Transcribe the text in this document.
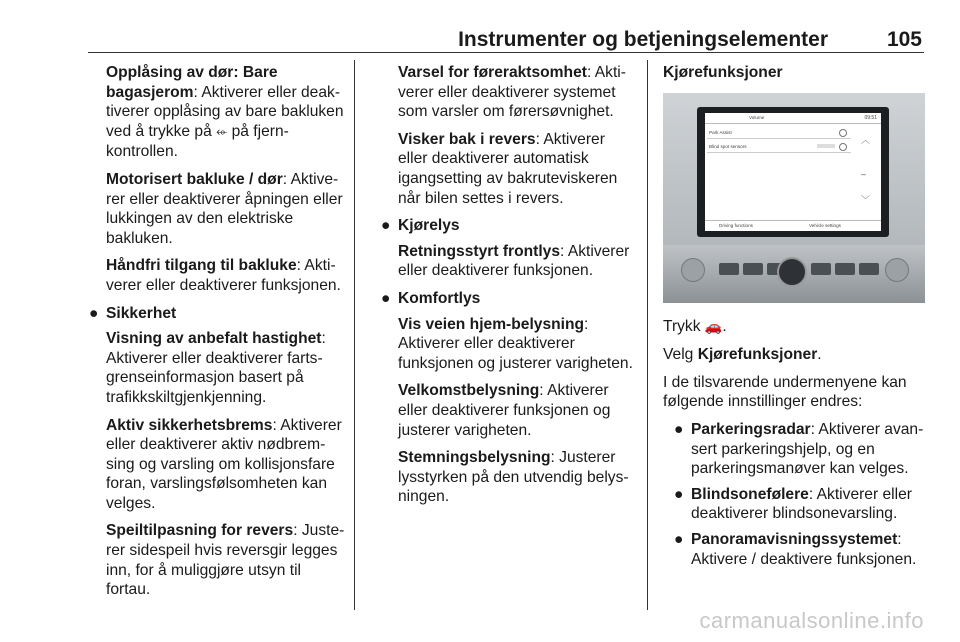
Instrumenter og betjeningselementer	105

Opplåsing av dør: Bare bagasjerom: Aktiverer eller deaktiverer opplåsing av bare bakluken ved å trykke på ⬰ på fjernkontrollen.

Motorisert bakluke / dør: Aktiverer eller deaktiverer åpningen eller lukkingen av den elektriske bakluken.

Håndfri tilgang til bakluke: Aktiverer eller deaktiverer funksjonen.

● Sikkerhet

Visning av anbefalt hastighet: Aktiverer eller deaktiverer fartsgrenseinformasjon basert på trafikkskiltgjenkjenning.

Aktiv sikkerhetsbrems: Aktiverer eller deaktiverer aktiv nødbremsing og varsling om kollisjonsfare foran, varslingsfølsomheten kan velges.

Speiltilpasning for revers: Justerer sidespeil hvis reversgir legges inn, for å muliggjøre utsyn til fortau.

Varsel for føreraktsomhet: Aktiverer eller deaktiverer systemet som varsler om førersøvnighet.

Visker bak i revers: Aktiverer eller deaktiverer automatisk igangsetting av bakruteviskeren når bilen settes i revers.

● Kjørelys

Retningsstyrt frontlys: Aktiverer eller deaktiverer funksjonen.

● Komfortlys

Vis veien hjem-belysning: Aktiverer eller deaktiverer funksjonen og justerer varigheten.

Velkomstbelysning: Aktiverer eller deaktiverer funksjonen og justerer varigheten.

Stemningsbelysning: Justerer lysstyrken på den utvendig belysningen.

Kjørefunksjoner

Volume	09:51
Park Assist
Blind spot sensors
︿
–
﹀
Driving functions	Vehicle settings

Trykk 🚗.

Velg Kjørefunksjoner.

I de tilsvarende undermenyene kan følgende innstillinger endres:

● Parkeringsradar: Aktiverer avansert parkeringshjelp, og en parkeringsmanøver kan velges.
● Blindsonefølere: Aktiverer eller deaktiverer blindsonevarsling.
● Panoramavisningssystemet: Aktivere / deaktivere funksjonen.
carmanualsonline.info
